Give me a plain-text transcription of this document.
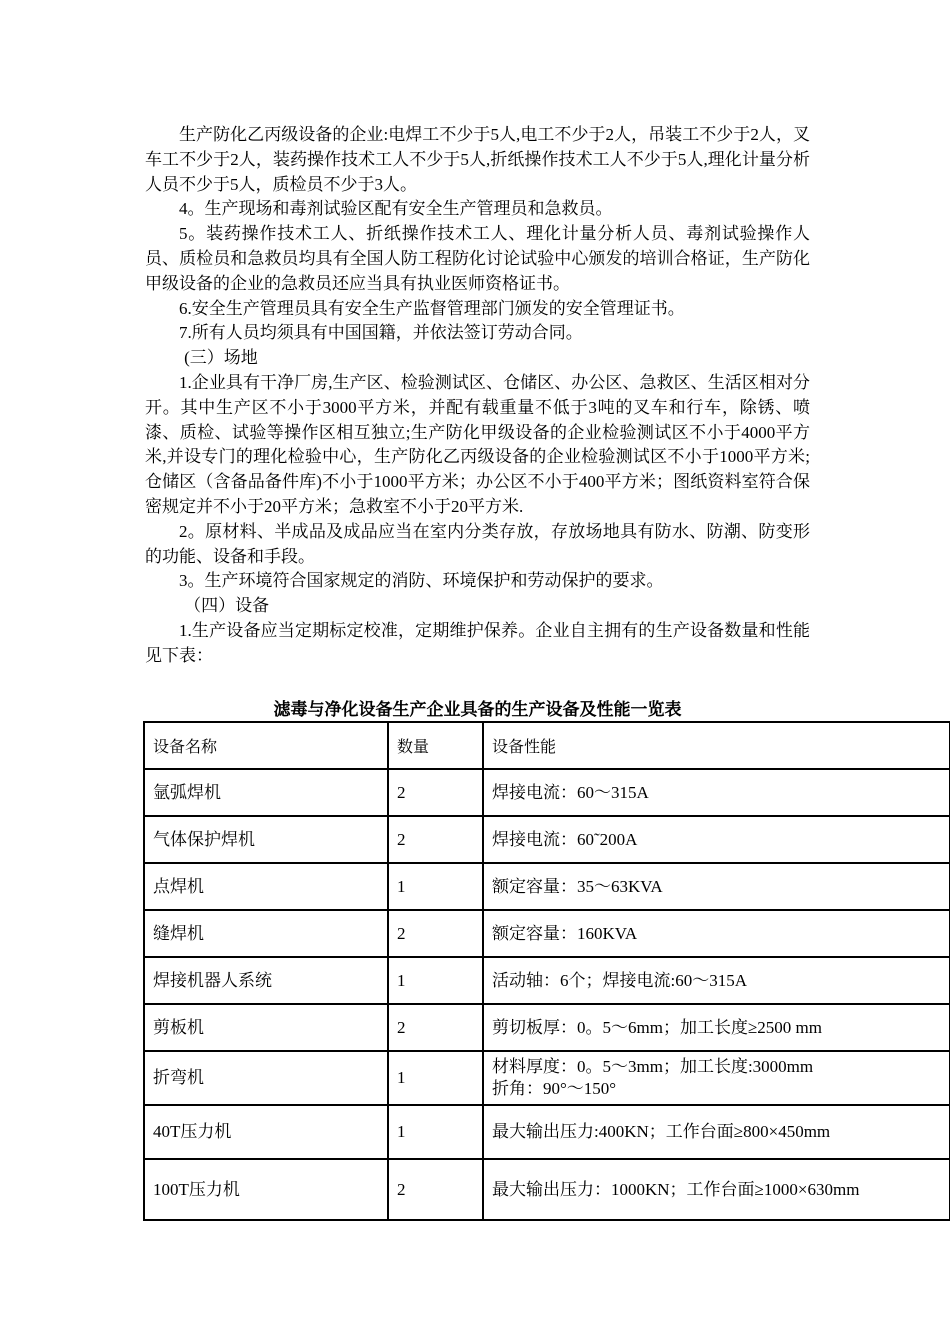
生产防化乙丙级设备的企业:电焊工不少于5人,电工不少于2人，吊装工不少于2人，叉车工不少于2人，装药操作技术工人不少于5人,折纸操作技术工人不少于5人,理化计量分析人员不少于5人，质检员不少于3人。

4。生产现场和毒剂试验区配有安全生产管理员和急救员。

5。装药操作技术工人、折纸操作技术工人、理化计量分析人员、毒剂试验操作人员、质检员和急救员均具有全国人防工程防化讨论试验中心颁发的培训合格证，生产防化甲级设备的企业的急救员还应当具有执业医师资格证书。

6.安全生产管理员具有安全生产监督管理部门颁发的安全管理证书。

7.所有人员均须具有中国国籍，并依法签订劳动合同。

(三）场地

1.企业具有干净厂房,生产区、检验测试区、仓储区、办公区、急救区、生活区相对分开。其中生产区不小于3000平方米，并配有载重量不低于3吨的叉车和行车，除锈、喷漆、质检、试验等操作区相互独立;生产防化甲级设备的企业检验测试区不小于4000平方米,并设专门的理化检验中心，生产防化乙丙级设备的企业检验测试区不小于1000平方米;仓储区（含备品备件库)不小于1000平方米；办公区不小于400平方米；图纸资料室符合保密规定并不小于20平方米；急救室不小于20平方米.

2。原材料、半成品及成品应当在室内分类存放，存放场地具有防水、防潮、防变形的功能、设备和手段。

3。生产环境符合国家规定的消防、环境保护和劳动保护的要求。

（四）设备

1.生产设备应当定期标定校准，定期维护保养。企业自主拥有的生产设备数量和性能见下表：

滤毒与净化设备生产企业具备的生产设备及性能一览表
设备名称	数量	设备性能
氩弧焊机	2	焊接电流：60～315A
气体保护焊机	2	焊接电流：60˜200A
点焊机	1	额定容量：35～63KVA
缝焊机	2	额定容量：160KVA
焊接机器人系统	1	活动轴：6个；焊接电流:60～315A
剪板机	2	剪切板厚：0。5～6mm；加工长度≥2500 mm
折弯机	1	材料厚度：0。5～3mm；加工长度:3000mm
折角：90°～150°
40T压力机	1	最大输出压力:400KN；工作台面≥800×450mm
100T压力机	2	最大输出压力：1000KN；工作台面≥1000×630mm
